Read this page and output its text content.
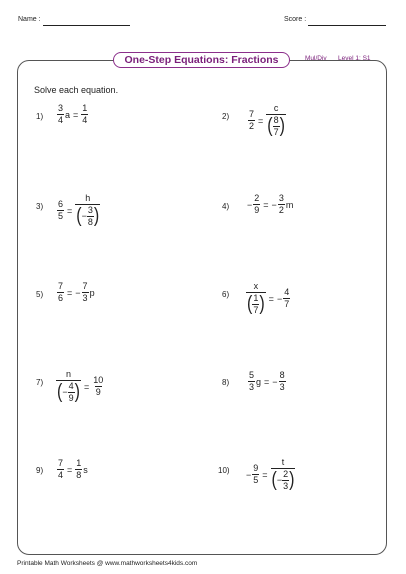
Name :	Score :
One-Step Equations: Fractions	Mul/Div Level 1: S1
Solve each equation.
$1) \frac{3}{4}$ $a = \frac{1}{4}$	$2) \frac{7}{2} = \frac{c}{( \frac{8}{7} )}$
$3) \frac{6}{5} = \frac{h}{( - \frac{3}{8} )}$	$4) - \frac{2}{9}$ = − $\frac{3}{2}$ m
$5) \frac{7}{6}$ = − $\frac{7}{3}$ p	$6) \frac{x}{( \frac{1}{7} )}$ = − $\frac{4}{7}$
$7) \frac{n}{( - \frac{4}{9} )} = \frac{10}{9}$	$8) \frac{5}{3}$ g = − $\frac{8}{3}$
$9) \frac{7}{4} = \frac{1}{8}$ s	$10) - \frac{9}{5} = \frac{t}{( - \frac{2}{3} )}$
Printable Math Worksheets @ www.mathworksheets4kids.com
